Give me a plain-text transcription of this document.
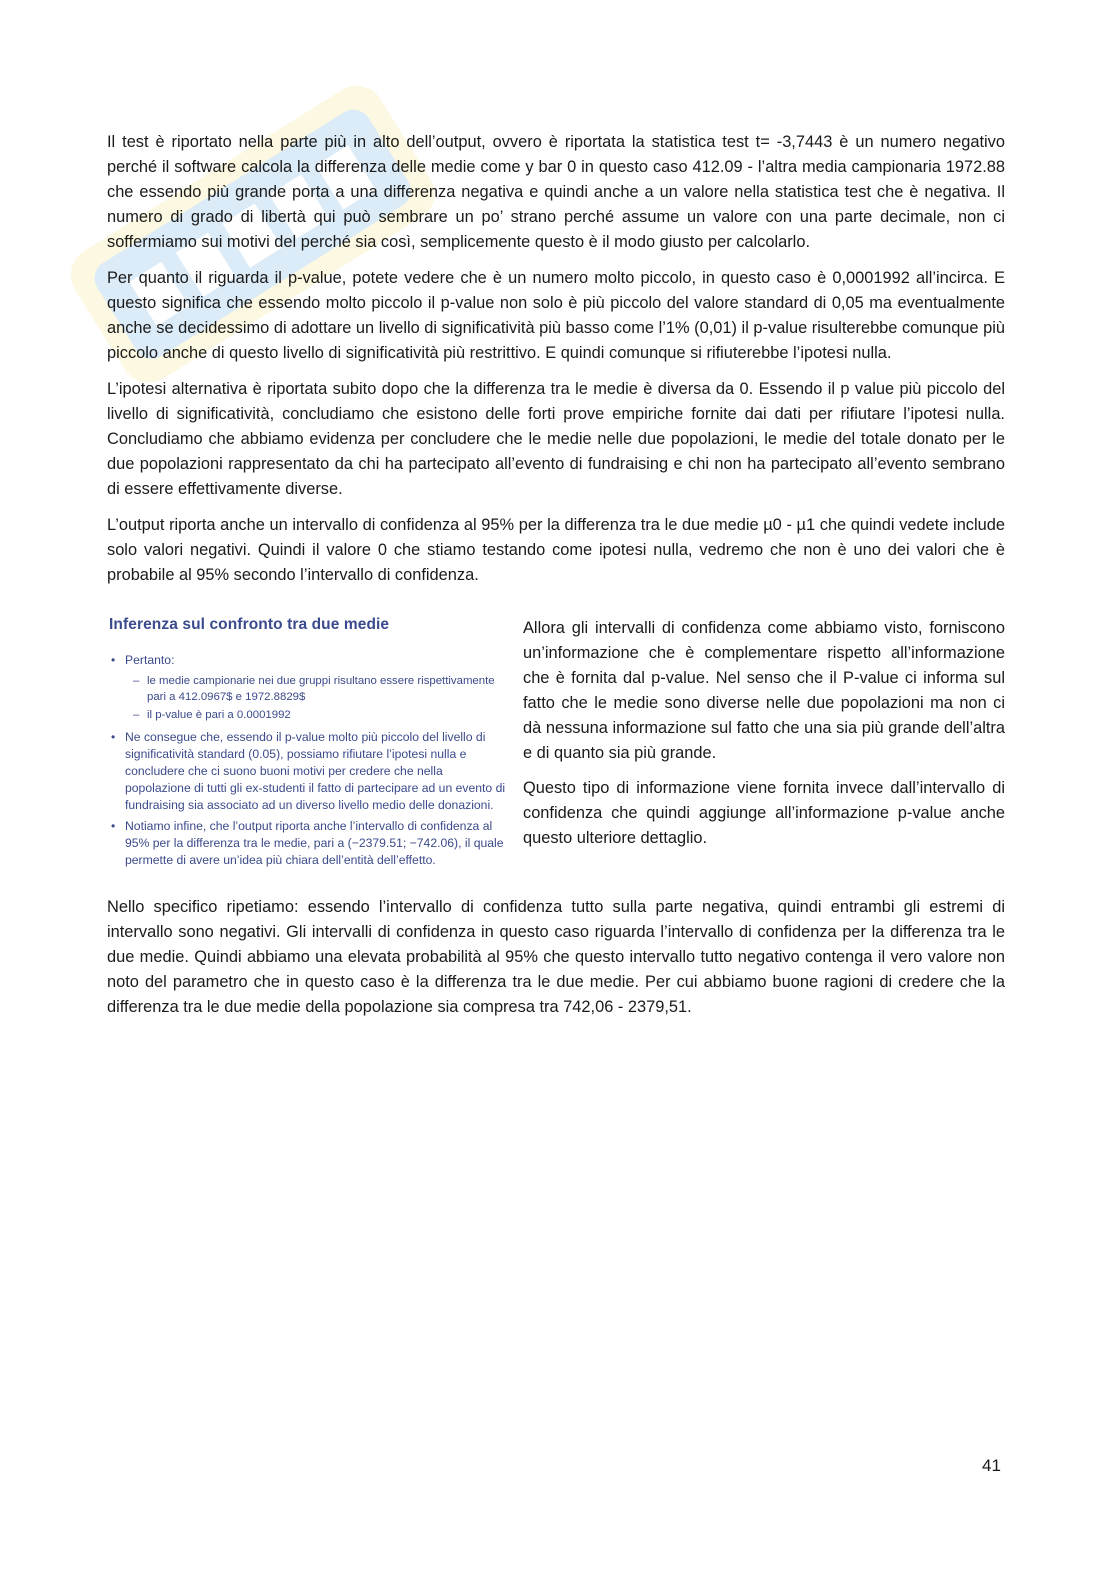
Il test è riportato nella parte più in alto dell’output, ovvero è riportata la statistica test t= -3,7443 è un numero negativo perché il software calcola la differenza delle medie come y bar 0 in questo caso 412.09 - l’altra media campionaria 1972.88 che essendo più grande porta a una differenza negativa e quindi anche a un valore nella statistica test che è negativa. Il numero di grado di libertà qui può sembrare un po’ strano perché assume un valore con una parte decimale, non ci soffermiamo sui motivi del perché sia così, semplicemente questo è il modo giusto per calcolarlo.

Per quanto il riguarda il p-value, potete vedere che è un numero molto piccolo, in questo caso è 0,0001992 all’incirca. E questo significa che essendo molto piccolo il p-value non solo è più piccolo del valore standard di 0,05 ma eventualmente anche se decidessimo di adottare un livello di significatività più basso come l’1% (0,01) il p-value risulterebbe comunque più piccolo anche di questo livello di significatività più restrittivo. E quindi comunque si rifiuterebbe l’ipotesi nulla.

L’ipotesi alternativa è riportata subito dopo che la differenza tra le medie è diversa da 0. Essendo il p value più piccolo del livello di significatività, concludiamo che esistono delle forti prove empiriche fornite dai dati per rifiutare l’ipotesi nulla. Concludiamo che abbiamo evidenza per concludere che le medie nelle due popolazioni, le medie del totale donato per le due popolazioni rappresentato da chi ha partecipato all’evento di fundraising e chi non ha partecipato all’evento sembrano di essere effettivamente diverse.

L’output riporta anche un intervallo di confidenza al 95% per la differenza tra le due medie µ0 - µ1 che quindi vedete include solo valori negativi. Quindi il valore 0 che stiamo testando come ipotesi nulla, vedremo che non è uno dei valori che è probabile al 95% secondo l’intervallo di confidenza.

Inferenza sul confronto tra due medie
• Pertanto:
– le medie campionarie nei due gruppi risultano essere rispettivamente pari a 412.0967$ e 1972.8829$
– il p-value è pari a 0.0001992
• Ne consegue che, essendo il p-value molto più piccolo del livello di significatività standard (0.05), possiamo rifiutare l’ipotesi nulla e concludere che ci suono buoni motivi per credere che nella popolazione di tutti gli ex-studenti il fatto di partecipare ad un evento di fundraising sia associato ad un diverso livello medio delle donazioni.
• Notiamo infine, che l’output riporta anche l’intervallo di confidenza al 95% per la differenza tra le medie, pari a (−2379.51; −742.06), il quale permette di avere un’idea più chiara dell’entità dell’effetto.

Allora gli intervalli di confidenza come abbiamo visto, forniscono un’informazione che è complementare rispetto all’informazione che è fornita dal p-value. Nel senso che il P-value ci informa sul fatto che le medie sono diverse nelle due popolazioni ma non ci dà nessuna informazione sul fatto che una sia più grande dell’altra e di quanto sia più grande.

Questo tipo di informazione viene fornita invece dall’intervallo di confidenza che quindi aggiunge all’informazione p-value anche questo ulteriore dettaglio.

Nello specifico ripetiamo: essendo l’intervallo di confidenza tutto sulla parte negativa, quindi entrambi gli estremi di intervallo sono negativi. Gli intervalli di confidenza in questo caso riguarda l’intervallo di confidenza per la differenza tra le due medie. Quindi abbiamo una elevata probabilità al 95% che questo intervallo tutto negativo contenga il vero valore non noto del parametro che in questo caso è la differenza tra le due medie. Per cui abbiamo buone ragioni di credere che la differenza tra le due medie della popolazione sia compresa tra 742,06 - 2379,51.

41
